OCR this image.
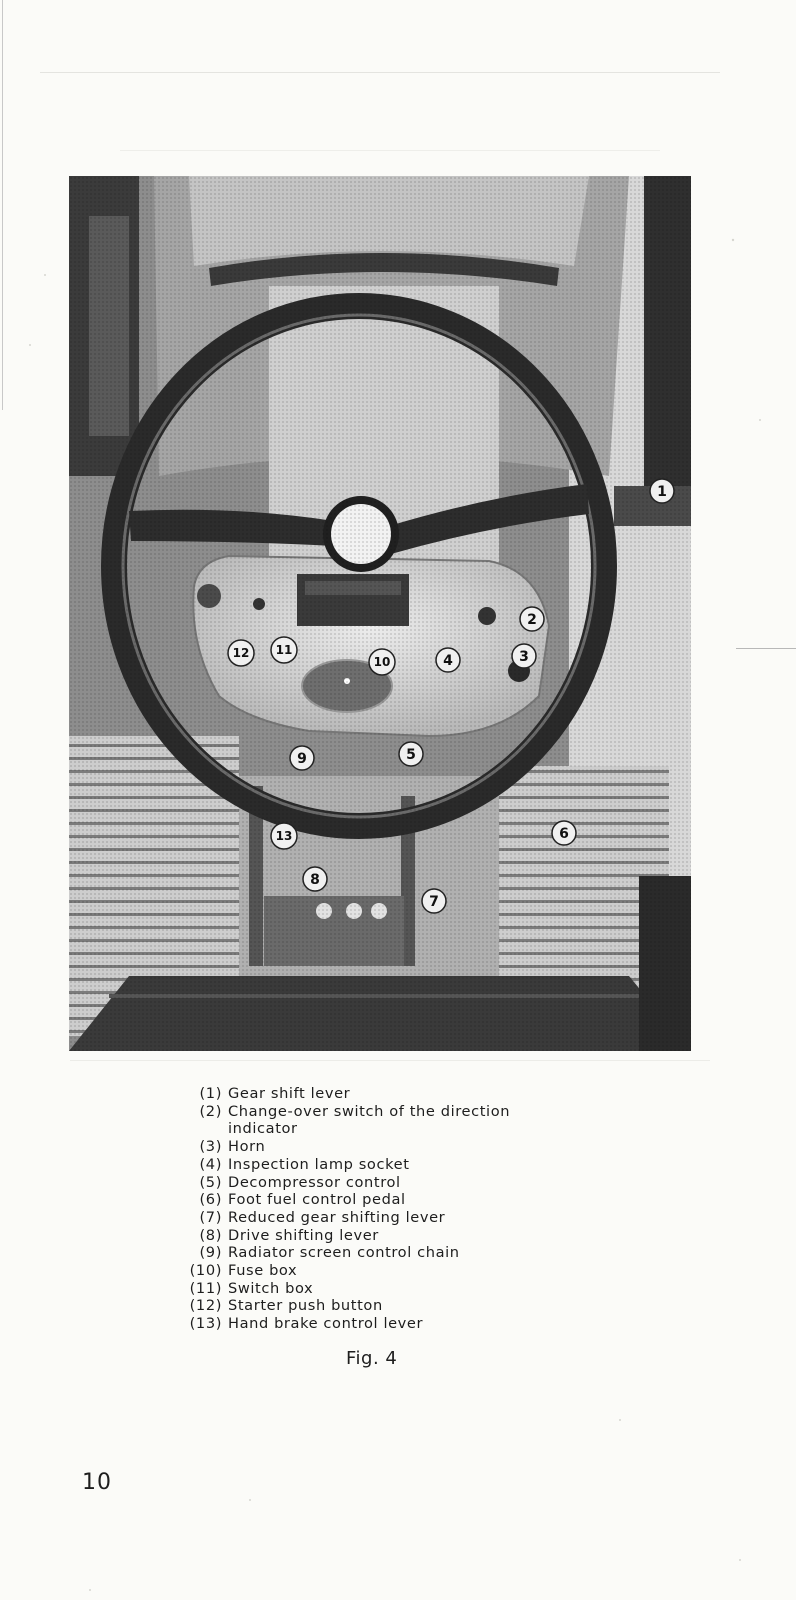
1
2
3
4
5
6
7
8
9
10
11
12
13
(1) Gear shift lever
(2) Change-over switch of the direction indicator
(3) Horn
(4) Inspection lamp socket
(5) Decompressor control
(6) Foot fuel control pedal
(7) Reduced gear shifting lever
(8) Drive shifting lever
(9) Radiator screen control chain
(10) Fuse box
(11) Switch box
(12) Starter push button
(13) Hand brake control lever
Fig. 4
10
